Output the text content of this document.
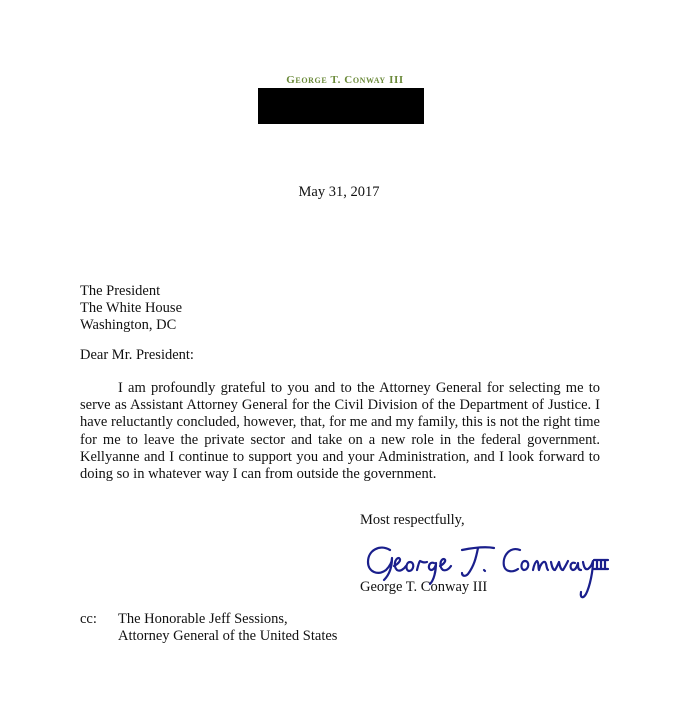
George T. Conway III
May 31, 2017
The President
The White House
Washington, DC
Dear Mr. President:
I am profoundly grateful to you and to the Attorney General for selecting me to serve as Assistant Attorney General for the Civil Division of the Department of Justice. I have reluctantly concluded, however, that, for me and my family, this is not the right time for me to leave the private sector and take on a new role in the federal government. Kellyanne and I continue to support you and your Administration, and I look forward to doing so in whatever way I can from outside the government.
Most respectfully,
George T. Conway III
cc:	The Honorable Jeff Sessions,
Attorney General of the United States
